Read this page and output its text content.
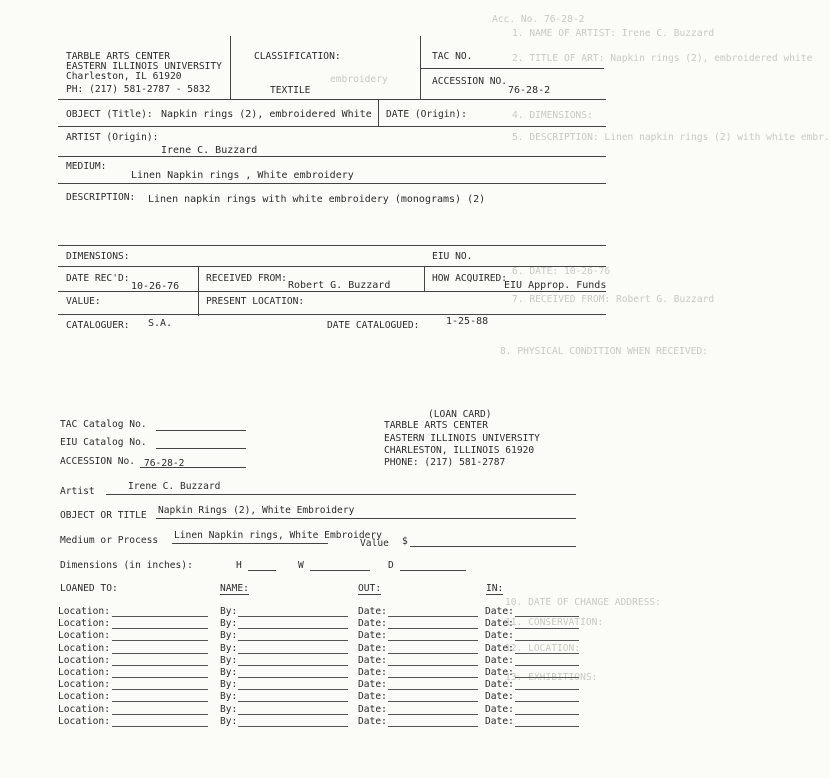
Acc. No. 76-28-2
1. NAME OF ARTIST: Irene C. Buzzard
2. TITLE OF ART: Napkin rings (2), embroidered white
embroidery
4. DIMENSIONS:
5. DESCRIPTION: Linen napkin rings (2) with white embr.
6. DATE: 10-26-76
7. RECEIVED FROM: Robert G. Buzzard
8. PHYSICAL CONDITION WHEN RECEIVED:
10. DATE OF CHANGE ADDRESS:
11. CONSERVATION:
12. LOCATION:
13. EXHIBITIONS:
TARBLE ARTS CENTER
EASTERN ILLINOIS UNIVERSITY
Charleston, IL 61920
PH: (217) 581-2787 - 5832
CLASSIFICATION:
TEXTILE
TAC NO.
ACCESSION NO.
76-28-2
OBJECT (Title): Napkin rings (2), embroidered White DATE (Origin):
ARTIST (Origin):
Irene C. Buzzard
MEDIUM:
Linen Napkin rings , White embroidery
DESCRIPTION: Linen napkin rings with white embroidery (monograms) (2)
DIMENSIONS:	EIU NO.
DATE REC'D:
10-26-76
RECEIVED FROM:
Robert G. Buzzard
HOW ACQUIRED:
EIU Approp. Funds
VALUE:	PRESENT LOCATION:
CATALOGUER: S.A.	DATE CATALOGUED:	1-25-88
TAC Catalog No.
EIU Catalog No.
ACCESSION No. 76-28-2
(LOAN CARD)
TARBLE ARTS CENTER
EASTERN ILLINOIS UNIVERSITY
CHARLESTON, ILLINOIS 61920
PHONE: (217) 581-2787
Artist	Irene C. Buzzard
OBJECT OR TITLE Napkin Rings (2), White Embroidery
Medium or Process Linen Napkin rings, White Embroidery
Value $
Dimensions (in inches):	H	W	D
LOANED TO:	NAME:	OUT:	IN:
Location:	By:	Date:	Date:
Location:	By:	Date:	Date:
Location:	By:	Date:	Date:
Location:	By:	Date:	Date:
Location:	By:	Date:	Date:
Location:	By:	Date:	Date:
Location:	By:	Date:	Date:
Location:	By:	Date:	Date:
Location:	By:	Date:	Date:
Location:	By:	Date:	Date:
